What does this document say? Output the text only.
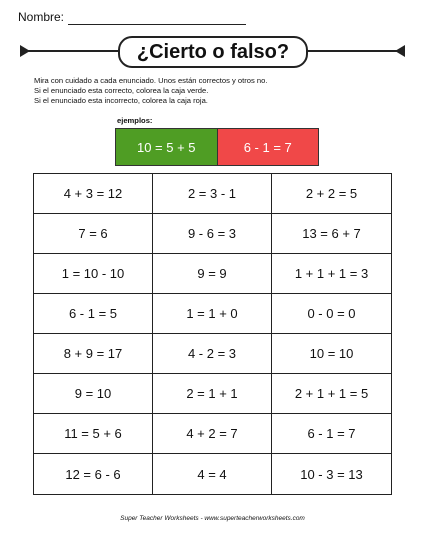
Nombre:
¿Cierto o falso?
Mira con cuidado a cada enunciado. Unos están correctos y otros no.
Si el enunciado esta correcto, colorea la caja verde.
Si el enunciado esta incorrecto, colorea la caja roja.
ejemplos:
10 = 5 + 5	6 - 1 = 7
4 + 3 = 12	2 = 3 - 1	2 + 2 = 5
7 = 6	9 - 6 = 3	13 = 6 + 7
1 = 10 - 10	9 = 9	1 + 1 + 1 = 3
6 - 1 = 5	1 = 1 + 0	0 - 0 = 0
8 + 9 = 17	4 - 2 = 3	10 = 10
9 = 10	2 = 1 + 1	2 + 1 + 1 = 5
11 = 5 + 6	4 + 2 = 7	6 - 1 = 7
12 = 6 - 6	4 = 4	10 - 3 = 13
Super Teacher Worksheets - www.superteacherworksheets.com
